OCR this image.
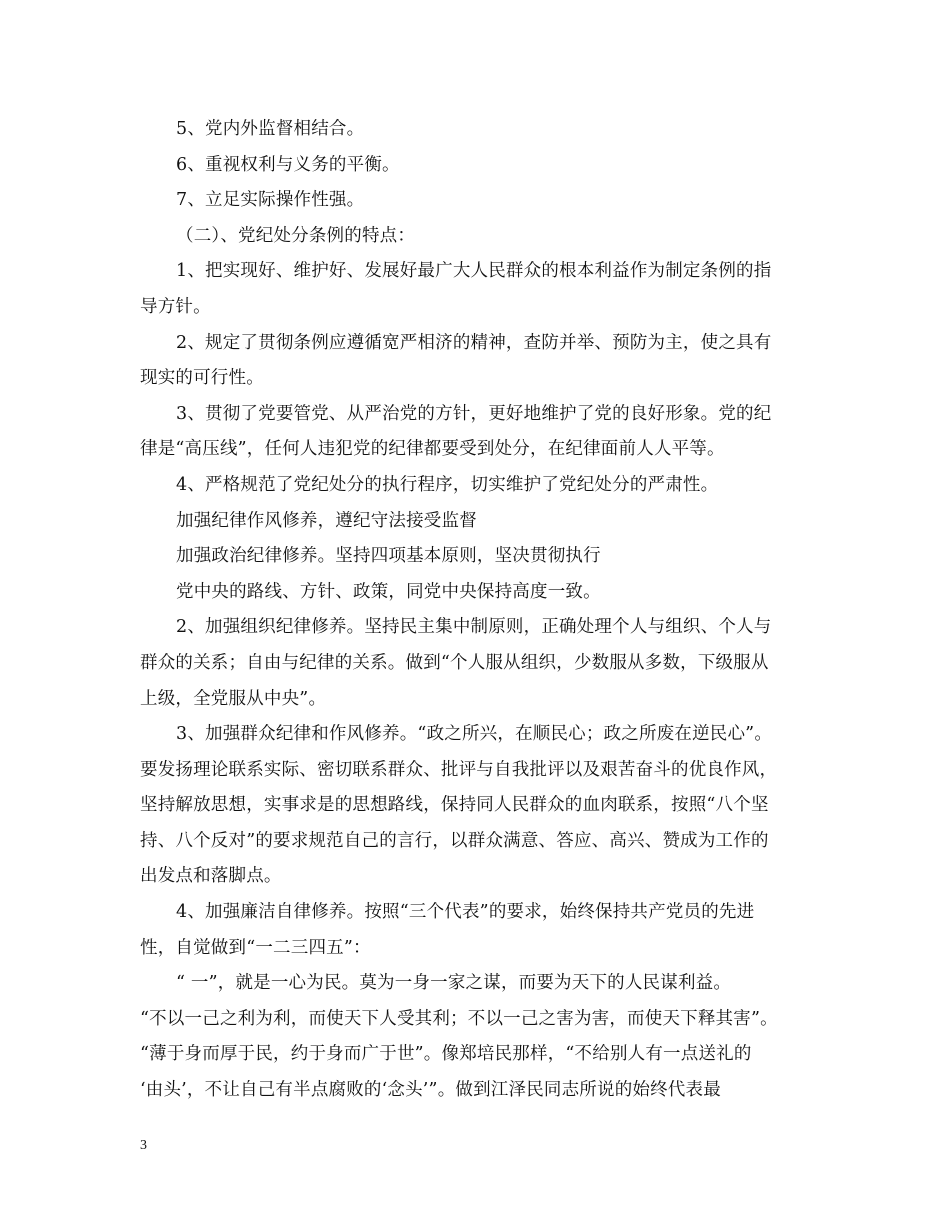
5、党内外监督相结合。
6、重视权利与义务的平衡。
7、立足实际操作性强。
（二）、党纪处分条例的特点：
1、把实现好、维护好、发展好最广大人民群众的根本利益作为制定条例的指
导方针。
2、规定了贯彻条例应遵循宽严相济的精神，查防并举、预防为主，使之具有
现实的可行性。
3、贯彻了党要管党、从严治党的方针，更好地维护了党的良好形象。党的纪
律是“高压线”，任何人违犯党的纪律都要受到处分，在纪律面前人人平等。
4、严格规范了党纪处分的执行程序，切实维护了党纪处分的严肃性。
加强纪律作风修养，遵纪守法接受监督
加强政治纪律修养。坚持四项基本原则，坚决贯彻执行
党中央的路线、方针、政策，同党中央保持高度一致。
2、加强组织纪律修养。坚持民主集中制原则，正确处理个人与组织、个人与
群众的关系；自由与纪律的关系。做到“个人服从组织，少数服从多数，下级服从
上级，全党服从中央”。
3、加强群众纪律和作风修养。“政之所兴，在顺民心；政之所废在逆民心”。
要发扬理论联系实际、密切联系群众、批评与自我批评以及艰苦奋斗的优良作风，
坚持解放思想，实事求是的思想路线，保持同人民群众的血肉联系，按照“八个坚
持、八个反对”的要求规范自己的言行，以群众满意、答应、高兴、赞成为工作的
出发点和落脚点。
4、加强廉洁自律修养。按照“三个代表”的要求，始终保持共产党员的先进
性，自觉做到“一二三四五”：
“ 一”，就是一心为民。莫为一身一家之谋，而要为天下的人民谋利益。
“不以一己之利为利，而使天下人受其利；不以一己之害为害，而使天下释其害”。
“薄于身而厚于民，约于身而广于世”。像郑培民那样，“不给别人有一点送礼的
‘由头’，不让自己有半点腐败的‘念头’”。做到江泽民同志所说的始终代表最
3
